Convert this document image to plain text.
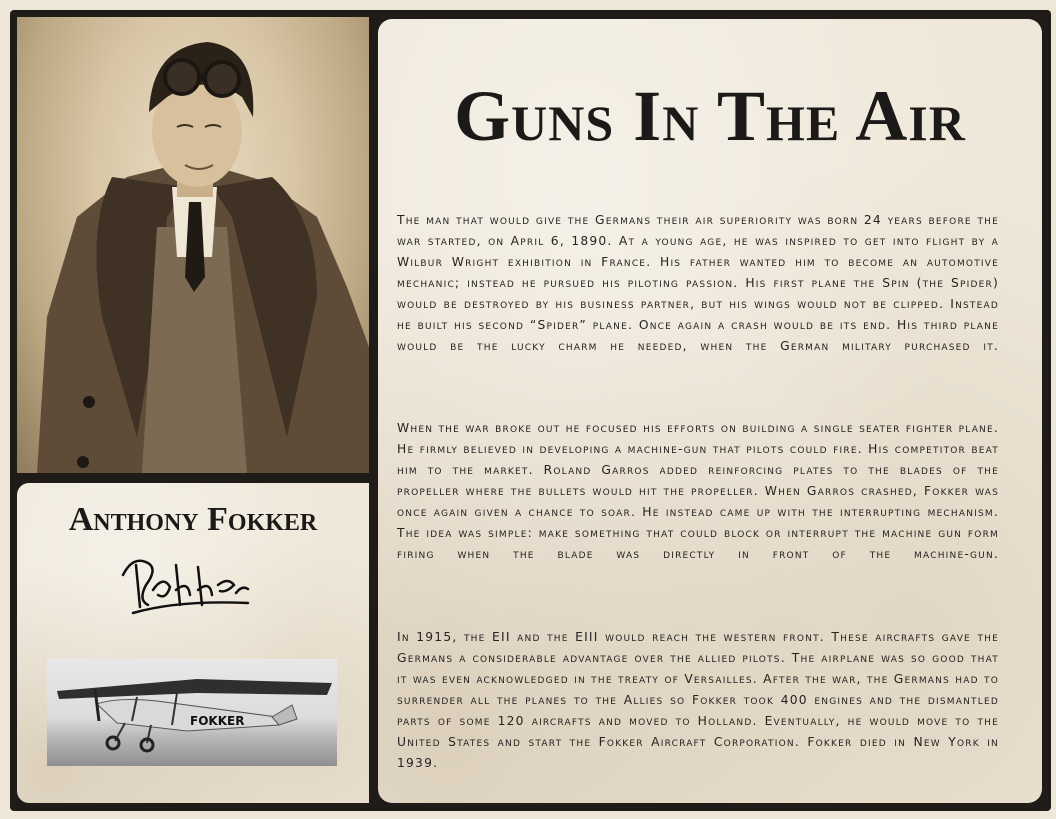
Guns In The Air

The man that would give the Germans their air superiority was born 24 years before the war started, on April 6, 1890. At a young age, he was inspired to get into flight by a Wilbur Wright exhibition in France. His father wanted him to become an automotive mechanic; instead he pursued his piloting passion. His first plane the Spin (the Spider) would be destroyed by his business partner, but his wings would not be clipped. Instead he built his second “Spider” plane. Once again a crash would be its end. His third plane would be the lucky charm he needed, when the German military purchased it.

When the war broke out he focused his efforts on building a single seater fighter plane. He firmly believed in developing a machine-gun that pilots could fire. His competitor beat him to the market. Roland Garros added reinforcing plates to the blades of the propeller where the bullets would hit the propeller. When Garros crashed, Fokker was once again given a chance to soar. He instead came up with the interrupting mechanism. The idea was simple: make something that could block or interrupt the machine gun form firing when the blade was directly in front of the machine-gun.

In 1915, the EII and the EIII would reach the western front. These aircrafts gave the Germans a considerable advantage over the allied pilots. The airplane was so good that it was even acknowledged in the treaty of Versailles. After the war, the Germans had to surrender all the planes to the Allies so Fokker took 400 engines and the dismantled parts of some 120 aircrafts and moved to Holland. Eventually, he would move to the United States and start the Fokker Aircraft Corporation. Fokker died in New York in 1939.

Anthony Fokker
FOKKER
